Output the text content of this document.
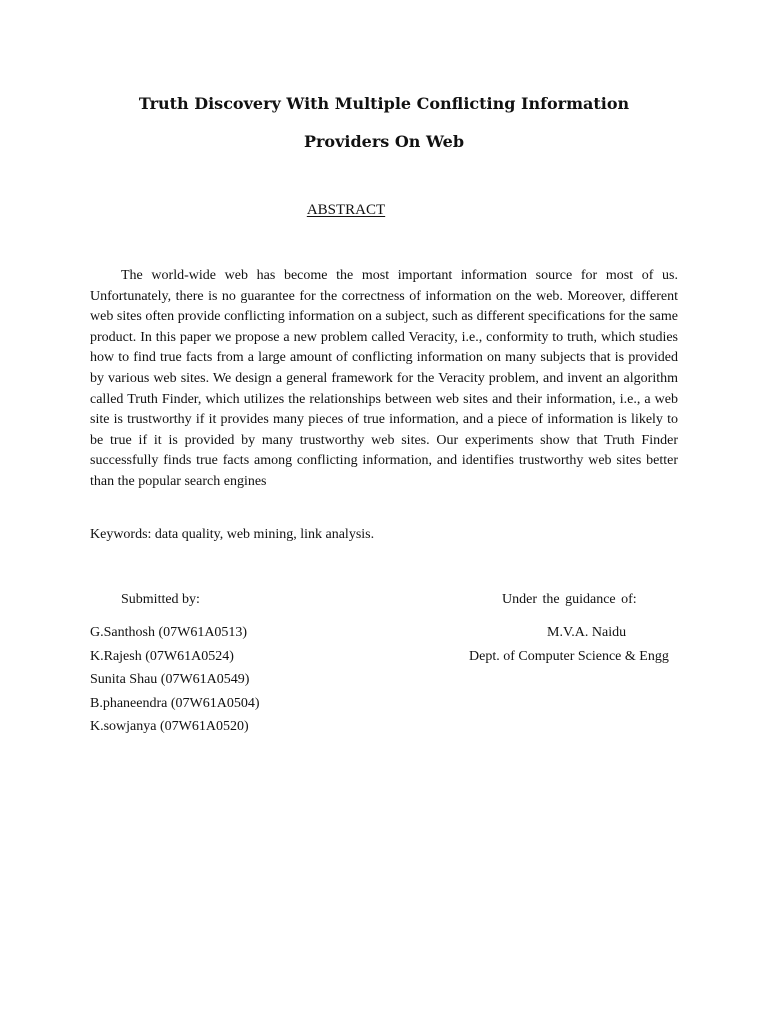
Truth Discovery With Multiple Conflicting Information
Providers On Web
ABSTRACT

The world-wide web has become the most important information source for most of us. Unfortunately, there is no guarantee for the correctness of information on the web. Moreover, different web sites often provide conflicting information on a subject, such as different specifications for the same product. In this paper we propose a new problem called Veracity, i.e., conformity to truth, which studies how to find true facts from a large amount of conflicting information on many subjects that is provided by various web sites. We design a general framework for the Veracity problem, and invent an algorithm called Truth Finder, which utilizes the relationships between web sites and their information, i.e., a web site is trustworthy if it provides many pieces of true information, and a piece of information is likely to be true if it is provided by many trustworthy web sites. Our experiments show that Truth Finder successfully finds true facts among conflicting information, and identifies trustworthy web sites better than the popular search engines

Keywords: data quality, web mining, link analysis.

Submitted by:	Under the guidance of:
G.Santhosh (07W61A0513)
K.Rajesh (07W61A0524)
Sunita Shau (07W61A0549)
B.phaneendra (07W61A0504)
K.sowjanya (07W61A0520)
M.V.A. Naidu
Dept. of Computer Science & Engg
